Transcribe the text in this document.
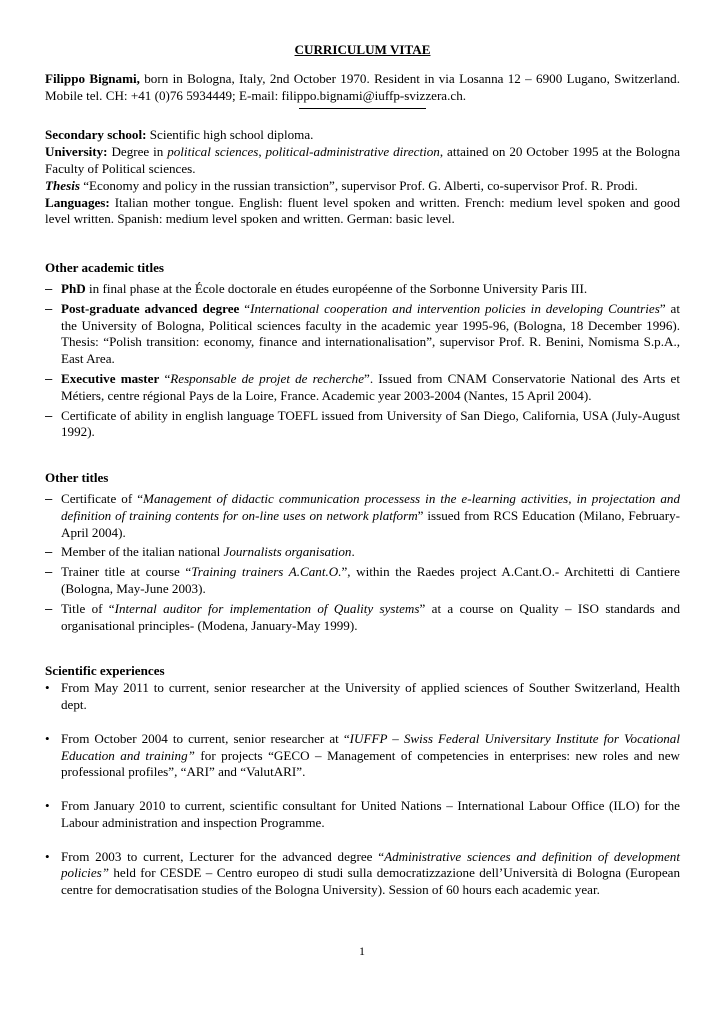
CURRICULUM VITAE

Filippo Bignami, born in Bologna, Italy, 2nd October 1970. Resident in via Losanna 12 – 6900 Lugano, Switzerland. Mobile tel. CH: +41 (0)76 5934449; E-mail: filippo.bignami@iuffp-svizzera.ch.

Secondary school: Scientific high school diploma.

University: Degree in political sciences, political-administrative direction, attained on 20 October 1995 at the Bologna Faculty of Political sciences.

Thesis “Economy and policy in the russian transiction”, supervisor Prof. G. Alberti, co-supervisor Prof. R. Prodi.

Languages: Italian mother tongue. English: fluent level spoken and written. French: medium level spoken and good level written. Spanish: medium level spoken and written. German: basic level.

Other academic titles

– PhD in final phase at the École doctorale en études européenne of the Sorbonne University Paris III.
– Post-graduate advanced degree “International cooperation and intervention policies in developing Countries” at the University of Bologna, Political sciences faculty in the academic year 1995-96, (Bologna, 18 December 1996). Thesis: “Polish transition: economy, finance and internationalisation”, supervisor Prof. R. Benini, Nomisma S.p.A., East Area.
– Executive master “Responsable de projet de recherche”. Issued from CNAM Conservatorie National des Arts et Métiers, centre régional Pays de la Loire, France. Academic year 2003-2004 (Nantes, 15 April 2004).
– Certificate of ability in english language TOEFL issued from University of San Diego, California, USA (July-August 1992).

Other titles

– Certificate of “Management of didactic communication processess in the e-learning activities, in projectation and definition of training contents for on-line uses on network platform” issued from RCS Education (Milano, February-April 2004).
– Member of the italian national Journalists organisation.
– Trainer title at course “Training trainers A.Cant.O.”, within the Raedes project A.Cant.O.- Architetti di Cantiere (Bologna, May-June 2003).
– Title of “Internal auditor for implementation of Quality systems” at a course on Quality – ISO standards and organisational principles- (Modena, January-May 1999).

Scientific experiences

• From May 2011 to current, senior researcher at the University of applied sciences of Souther Switzerland, Health dept.
• From October 2004 to current, senior researcher at “IUFFP – Swiss Federal Universitary Institute for Vocational Education and training” for projects “GECO – Management of competencies in enterprises: new roles and new professional profiles”, “ARI” and “ValutARI”.
• From January 2010 to current, scientific consultant for United Nations – International Labour Office (ILO) for the Labour administration and inspection Programme.
• From 2003 to current, Lecturer for the advanced degree “Administrative sciences and definition of development policies” held for CESDE – Centro europeo di studi sulla democratizzazione dell’Università di Bologna (European centre for democratisation studies of the Bologna University). Session of 60 hours each academic year.
1
